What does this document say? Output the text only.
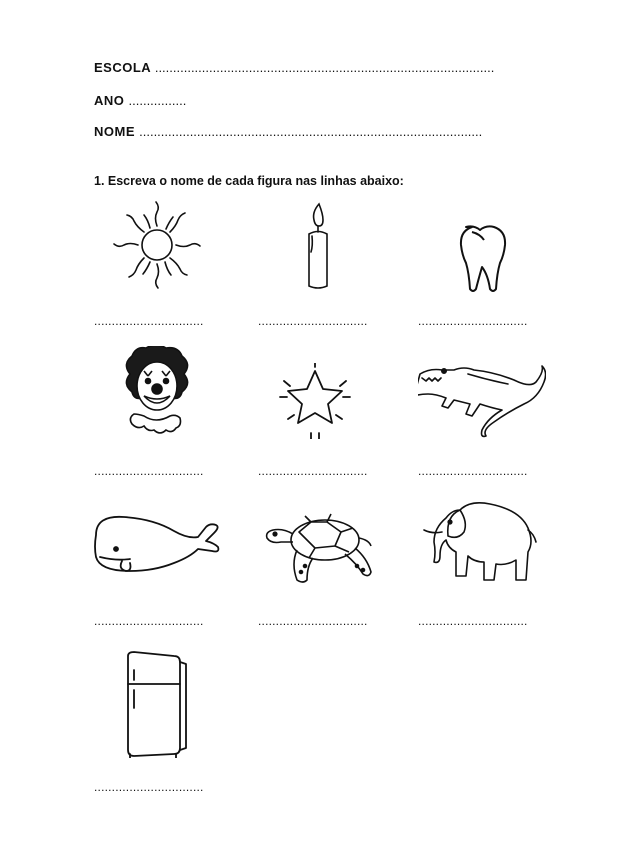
ESCOLA ..............................................................................................
ANO ................
NOME ...............................................................................................
1. Escreva o nome de cada figura nas linhas abaixo:
...............................	...............................	...............................
...............................	...............................	...............................
...............................	...............................	...............................
...............................
